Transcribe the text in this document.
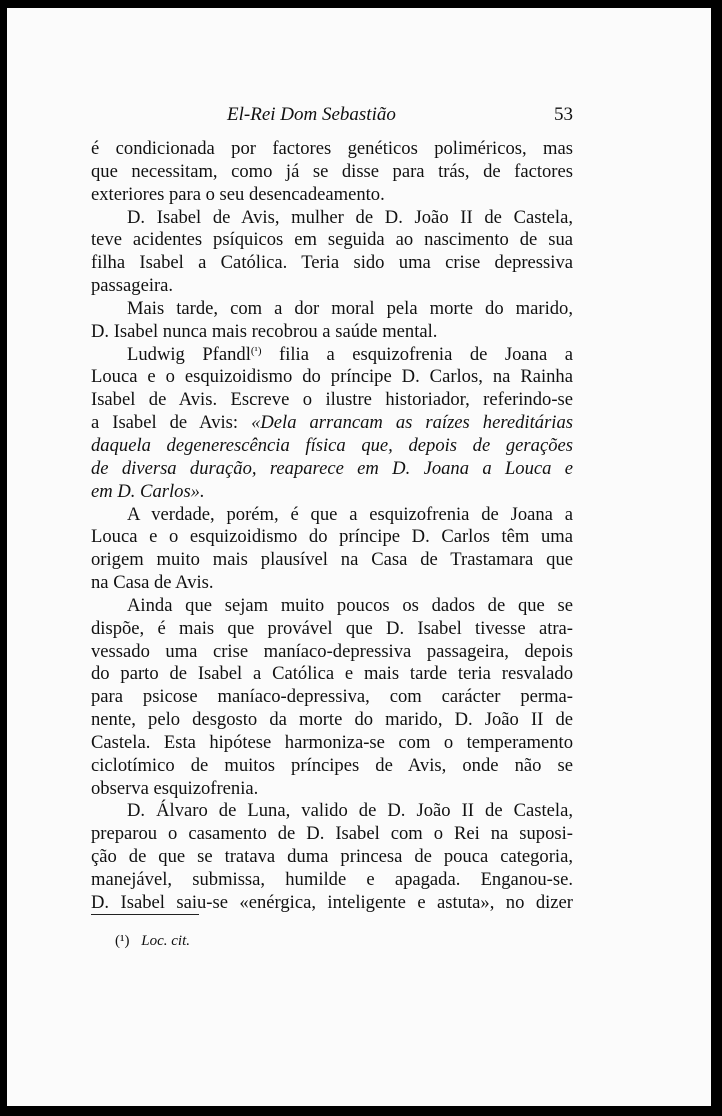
El-Rei Dom Sebastião	53
é condicionada por factores genéticos poliméricos, mas
que necessitam, como já se disse para trás, de factores
exteriores para o seu desencadeamento.
D. Isabel de Avis, mulher de D. João II de Castela,
teve acidentes psíquicos em seguida ao nascimento de sua
filha Isabel a Católica. Teria sido uma crise depressiva
passageira.
Mais tarde, com a dor moral pela morte do marido,
D. Isabel nunca mais recobrou a saúde mental.
Ludwig Pfandl$^{(^1)}$ filia a esquizofrenia de Joana a
Louca e o esquizoidismo do príncipe D. Carlos, na Rainha
Isabel de Avis. Escreve o ilustre historiador, referindo-se
a Isabel de Avis: «Dela arrancam as raízes hereditárias
daquela degenerescência física que, depois de gerações
de diversa duração, reaparece em D. Joana a Louca e
em D. Carlos».
A verdade, porém, é que a esquizofrenia de Joana a
Louca e o esquizoidismo do príncipe D. Carlos têm uma
origem muito mais plausível na Casa de Trastamara que
na Casa de Avis.
Ainda que sejam muito poucos os dados de que se
dispõe, é mais que provável que D. Isabel tivesse atra-
vessado uma crise maníaco-depressiva passageira, depois
do parto de Isabel a Católica e mais tarde teria resvalado
para psicose maníaco-depressiva, com carácter perma-
nente, pelo desgosto da morte do marido, D. João II de
Castela. Esta hipótese harmoniza-se com o temperamento
ciclotímico de muitos príncipes de Avis, onde não se
observa esquizofrenia.
D. Álvaro de Luna, valido de D. João II de Castela,
preparou o casamento de D. Isabel com o Rei na suposi-
ção de que se tratava duma princesa de pouca categoria,
manejável, submissa, humilde e apagada. Enganou-se.
D. Isabel saiu-se «enérgica, inteligente e astuta», no dizer
(¹) Loc. cit.
